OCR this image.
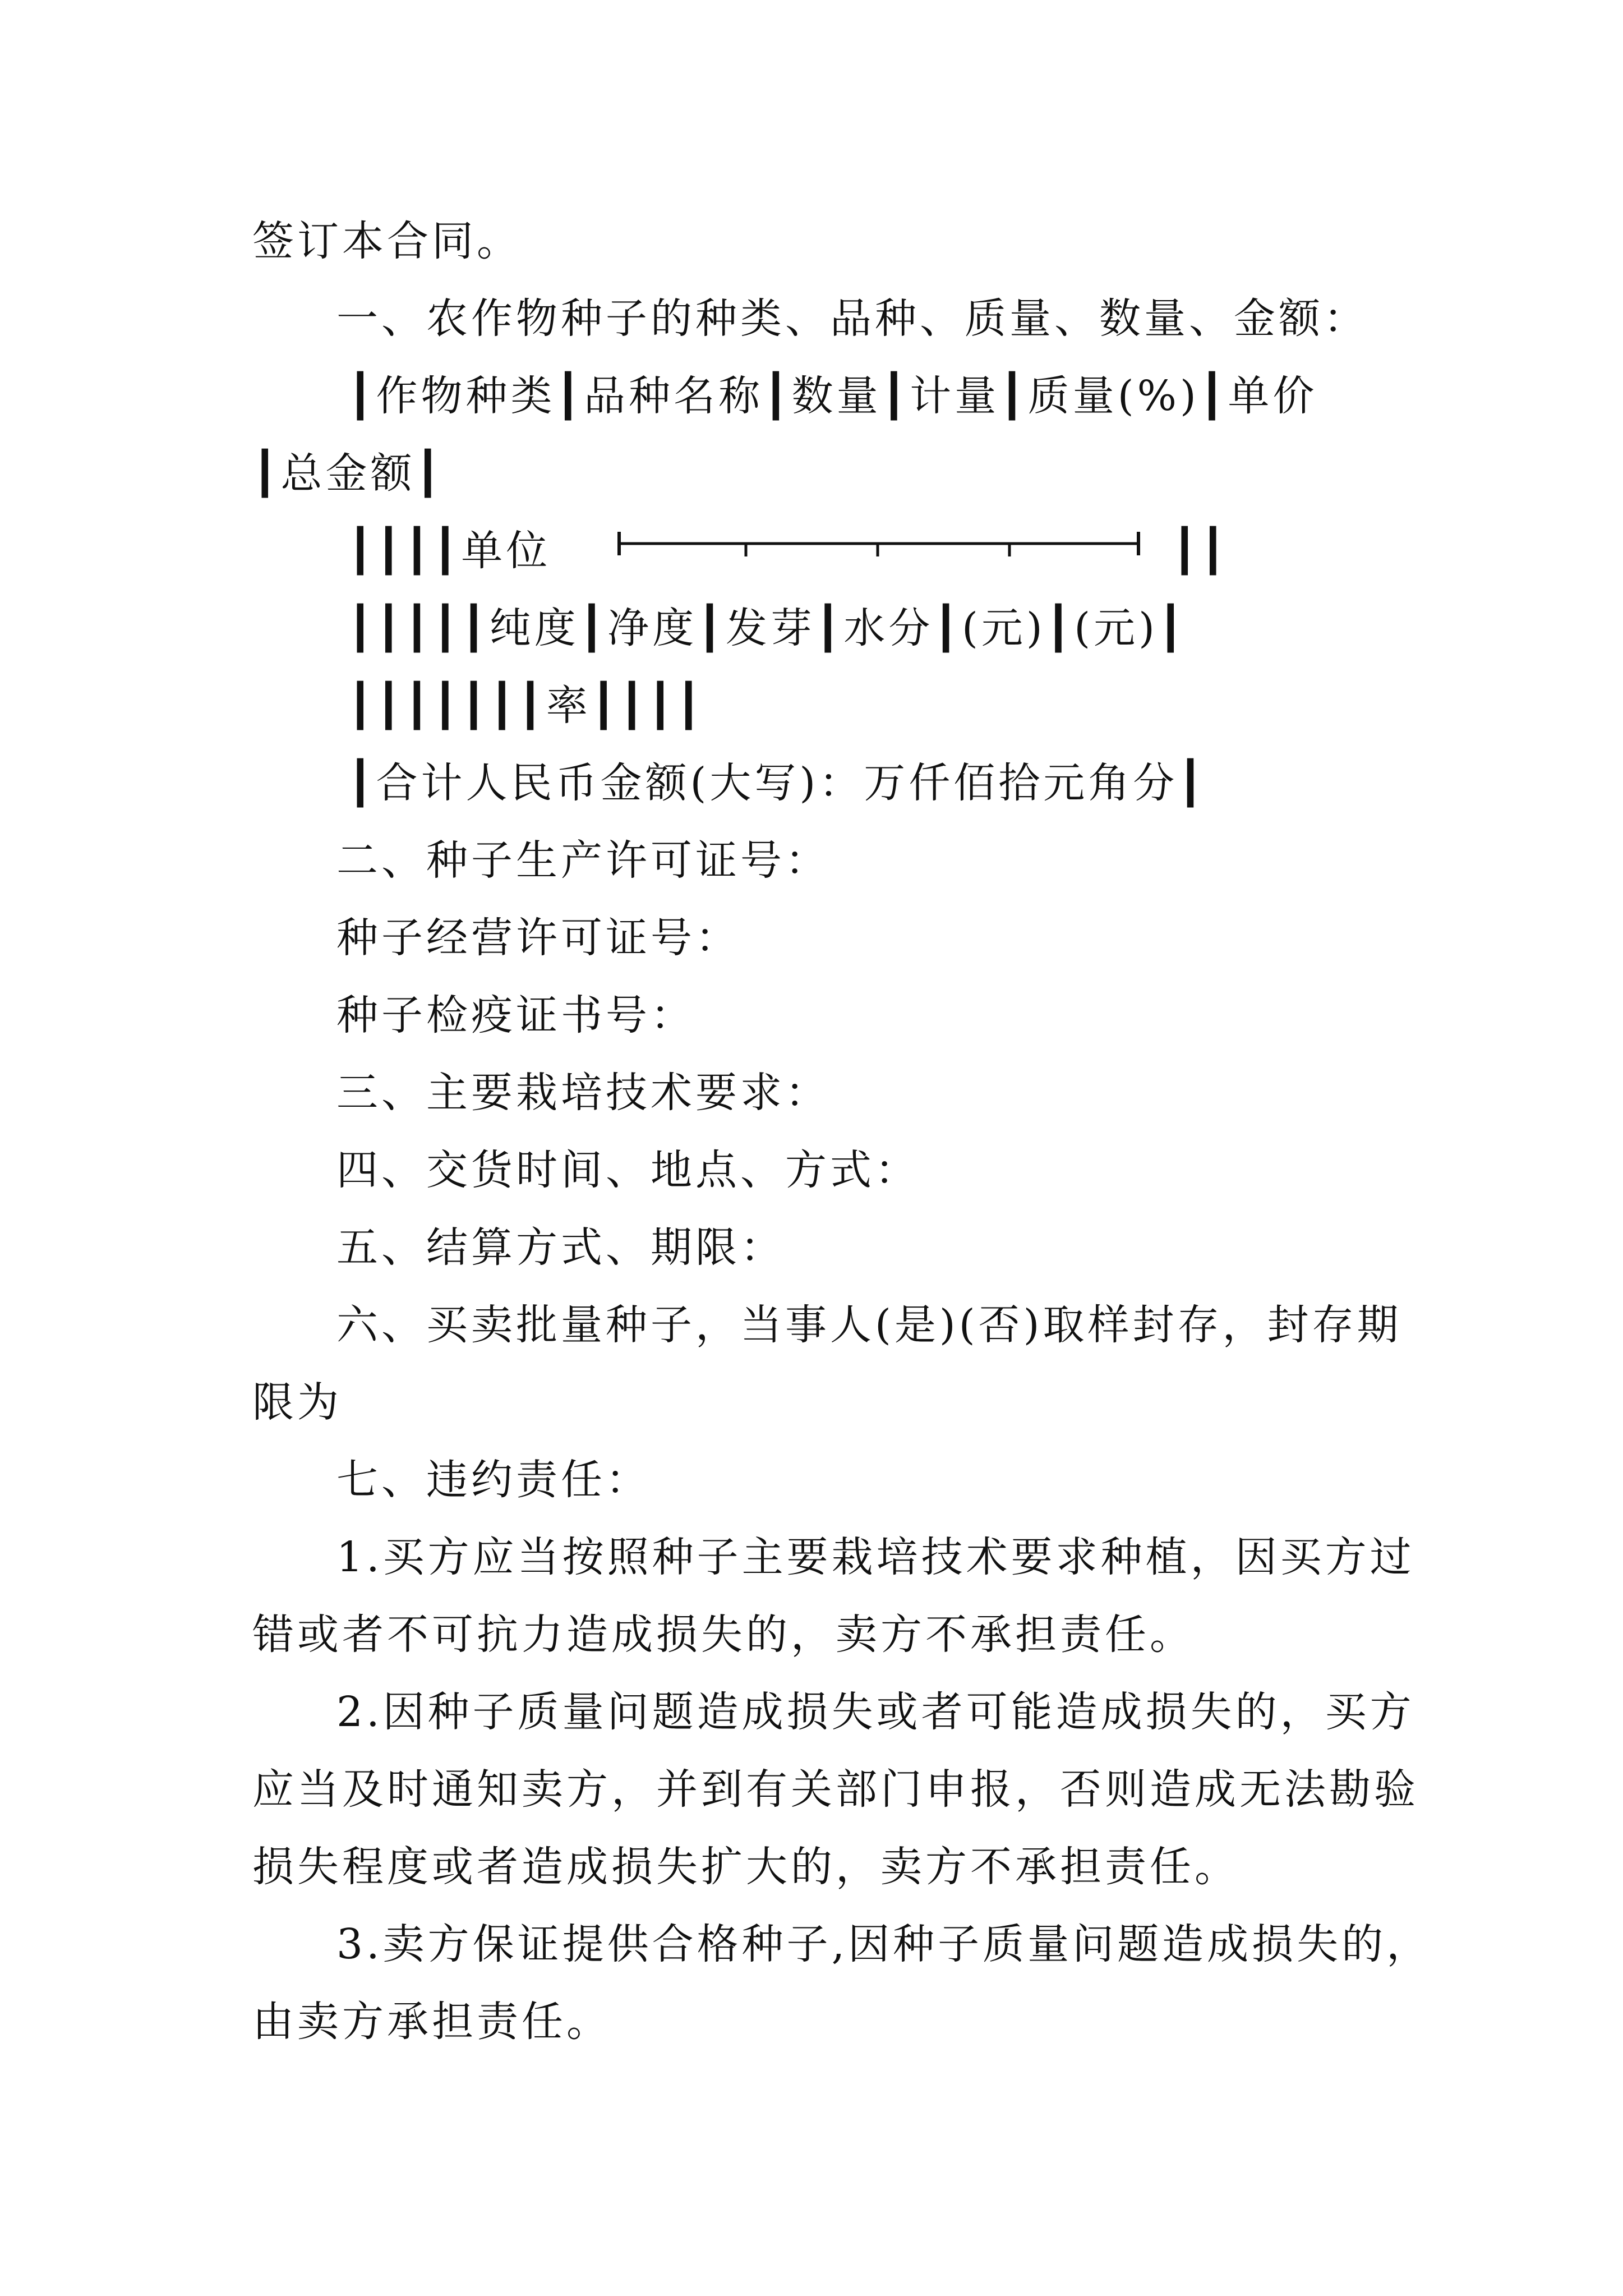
签订本合同。
一、农作物种子的种类、品种、质量、数量、金额：
┃作物种类┃品种名称┃数量┃计量┃质量(%)┃单价
┃总金额┃
┃┃┃┃单位	┃┃
┃┃┃┃┃纯度┃净度┃发芽┃水分┃(元)┃(元)┃
┃┃┃┃┃┃┃率┃┃┃┃
┃合计人民币金额(大写)：万仟佰拾元角分┃
二、种子生产许可证号：
种子经营许可证号：
种子检疫证书号：
三、主要栽培技术要求：
四、交货时间、地点、方式：
五、结算方式、期限：
六、买卖批量种子，当事人(是)(否)取样封存，封存期
限为
七、违约责任：
1.买方应当按照种子主要栽培技术要求种植，因买方过
错或者不可抗力造成损失的，卖方不承担责任。
2.因种子质量问题造成损失或者可能造成损失的，买方
应当及时通知卖方，并到有关部门申报，否则造成无法勘验
损失程度或者造成损失扩大的，卖方不承担责任。
3.卖方保证提供合格种子,因种子质量问题造成损失的，
由卖方承担责任。
